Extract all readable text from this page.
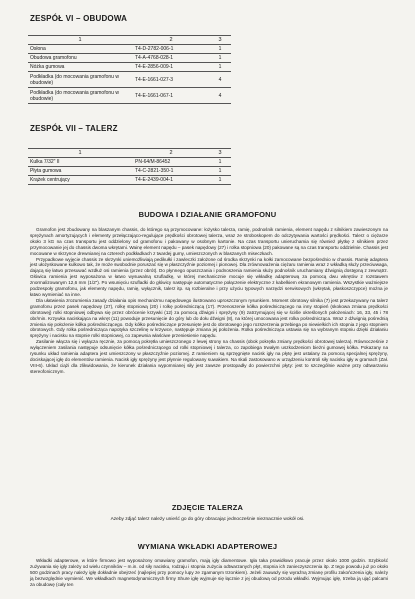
ZESPÓŁ VI – OBUDOWA
1	2	3
Osłona	T4-D-2782-006-1	1
Obudowa gramofonu	T4-A-4768-028-1	1
Nóżka gumowa	T4-E-2856-009-1	1
Podkładka (do mocowania gramofonu w obudowie)	T4-E-1661-027-3	4
Podkładka (do mocowania gramofonu w obudowie)	T4-E-1661-067-1	4
ZESPÓŁ VII – TALERZ
1	2	3
Kulka 7/32" II	PN-64/M-86452	1
Płyta gumowa	T4-C-2821-350-1	1
Krążek centrujący	T4-E-2439-004-1	1
BUDOWA I DZIAŁANIE GRAMOFONU

Gramofon jest zbudowany na blaszanym chassis, do którego są przymocowane: łożysko talerza, ramię, podnośnik ramienia, element napędu z silnikiem zawieszonym na sprężynach amortyzujących i elementy przełączająco-regulujące prędkości obrotowej talerza, wraz ze stroboskopem do odczytywania wartości prędkości. Talerz o ciężarze około 3 kG na czas transportu jest oddzielony od gramofonu i pakowany w osobnym kartonie. Na czas transportu unieruchamia się również płytkę z silnikiem przez przymocowanie jej do chassis dwoma wkrętami. Wainę element napędu – pasek napędowy (27) i rolka stopniowa (20) pakowane są na czas transportu oddzielnie. Chassis jest mocowane w skrzynce drewnianej na czterech podkładkach z twardej gumy, umieszczonych w blaszanych miseczkach.

Przypadkowe wyjęcie chassis ze skrzynki uniemożliwiają pedikułki i zawleczki założone od środka skrzynki na kołki zamocowane bezpośrednio w chassis. Ramię adaptera jest ułożyskowane kulkowo tak, że może swobodnie poruszać się w płaszczyźnie poziomej i pionowej. Dla zrównoważenia ciężaru ramienia wraz z wkładką służy przeciwwaga, dającą się łatwo przesuwać wzdłuż osi ramienia (przez obrót). Do płynnego opuszczania i podnoszenia ramienia służy podnośnik uruchamiany dźwignią dostępną z zewnątrz. Główica ramienia jest wyposażona w łatwo wysuwalną szufladkę, w której mechanicznie mocuje się wkładkę adapterową za pomocą dwu wkrętów z rozstawem znormalizowanym 12,6 mm (1/2"). Po wsunięciu szufladki do główicy następuje automatyczne połączenie elektryczne z kabelkiem ekranowym ramienia. Wszystkie ważniejsze podzespoły gramofonu, jak elementy napędu, ramię, wyłącznik, talerz itp. są rozbieralne i przy użyciu typowych narzędzi serwisowych (wkrętak, płaskoszczypce) można je łatwo wymieniać na inne.

Dla ułatwienia zrozumienia zasady działania opis mechanizmu napędowego ilustrowano uproszczonym rysunkiem. Moment obrotowy silnika (7) jest przekazywany na talerz gramofonu przez pasek napędowy (27), rolkę stopniową (20) i rolkę pośredniczącą (17). Przenoszenie kółka pośredniczącego na inny stopień (skokowa zmiana prędkości obrotowej) rolki stopniowej odbywa się przez obrócenie krzywki (12) za pomocą dźwigni i sprężyny (9) zatrzymującej się w ściśle określonych położeniach: 16, 33, 45 i 78 obr/min. Krzywka naciskająca na wkręt (11) powoduje przesunięcie do góry lub do dołu dźwigni (8), na której umocowana jest rolka pośrednicząca. Wraz z dźwignią pośrednią zmienia się położenie kółka pośredniczącego. Gdy kółko pośredniczące przesunięte jest do obrotowego jego rozszerzenia przebiega po niewielkich ich stopnia z jego stopniem obrotowych. Gdy rolka pośrednicząca napotyka szczelinę w krzywce, następuje zmiana jej położenia. Rolka pośrednicząca ustawia się na wybranym stopniu dzięki działaniu sprężyny i nacisku na stopnie rolki stopniowej, co zapewnia właściwe przeniesienie napędu.

Zasilanie włącza się i wyłącza ręcznie, za pomocą pokrętła umieszczonego z lewej strony na chassis (obok pokrętła zmiany prędkości obrotowej talerza). Równocześnie z wyłączeniem zasilania następuje odsunięcie kółka pośredniczącego od rolki stopniowej i talerza, co zapobiega trwałym uszkodzeniom bieżni gumowej kółka. Pokazany na rysunku układ ramienia adaptera jest umieszczony w płaszczyźnie poziomej. Z ramieniem są sprzęgnięte nacisk igły na płytę jest ustalany za pomocą specjalnej sprężyny, dociskającej igłę do elementów ramienia. Nacisk igły sprężyny jest płynnie regulowany suwakiem. Na skali zastosowano w urządzeniu kontroli siły nacisku igły w gramach (Zał. VIII-6). Układ ciążi dla zlikwidowania, że kierunek działania wypomnianej siły jest zawsze prostopadły do powierzchni płyty: jest to szczególnie ważne przy odtwarzaniu stereofonicznym.

ZDJĘCIE TALERZA
Azeby zdjąć talerz należy unieść go do góry obracając jednocześnie nieznacznie wokół osi.
WYMIANA WKŁADKI ADAPTEROWEJ

Wkładki adapterowe, w które firmowo jest wyposażony omawiany gramofon, mają igły diamentowe. Igła taka prawidłowo pracuje przez około 1000 godzin. Szybkość zużywania się igły zależy od wielu czynników – m.in. od siły nacisku, rodzaju i stopnia zużycia odtwarzanych płyt, stopnia ich zanieczyszczenia itp. Z tego powodu już po około 500 godzinach pracy należy igłę dokładnie obejrzeć (najlepiej przy pomocy lupy ze zgamanym trzonkiem). Jeżeli zauważy się wyraźną zmianę profilu zakończenia igły, należy ją bezwzględnie wymienić. We wkładkach magnetodynamicznych firmy Shure igłę wyjmuje się łącznie z jej obudową od przodu wkładki. Wyjmując igłę, trzeba ją ująć palcami za obudowę (cały ten
